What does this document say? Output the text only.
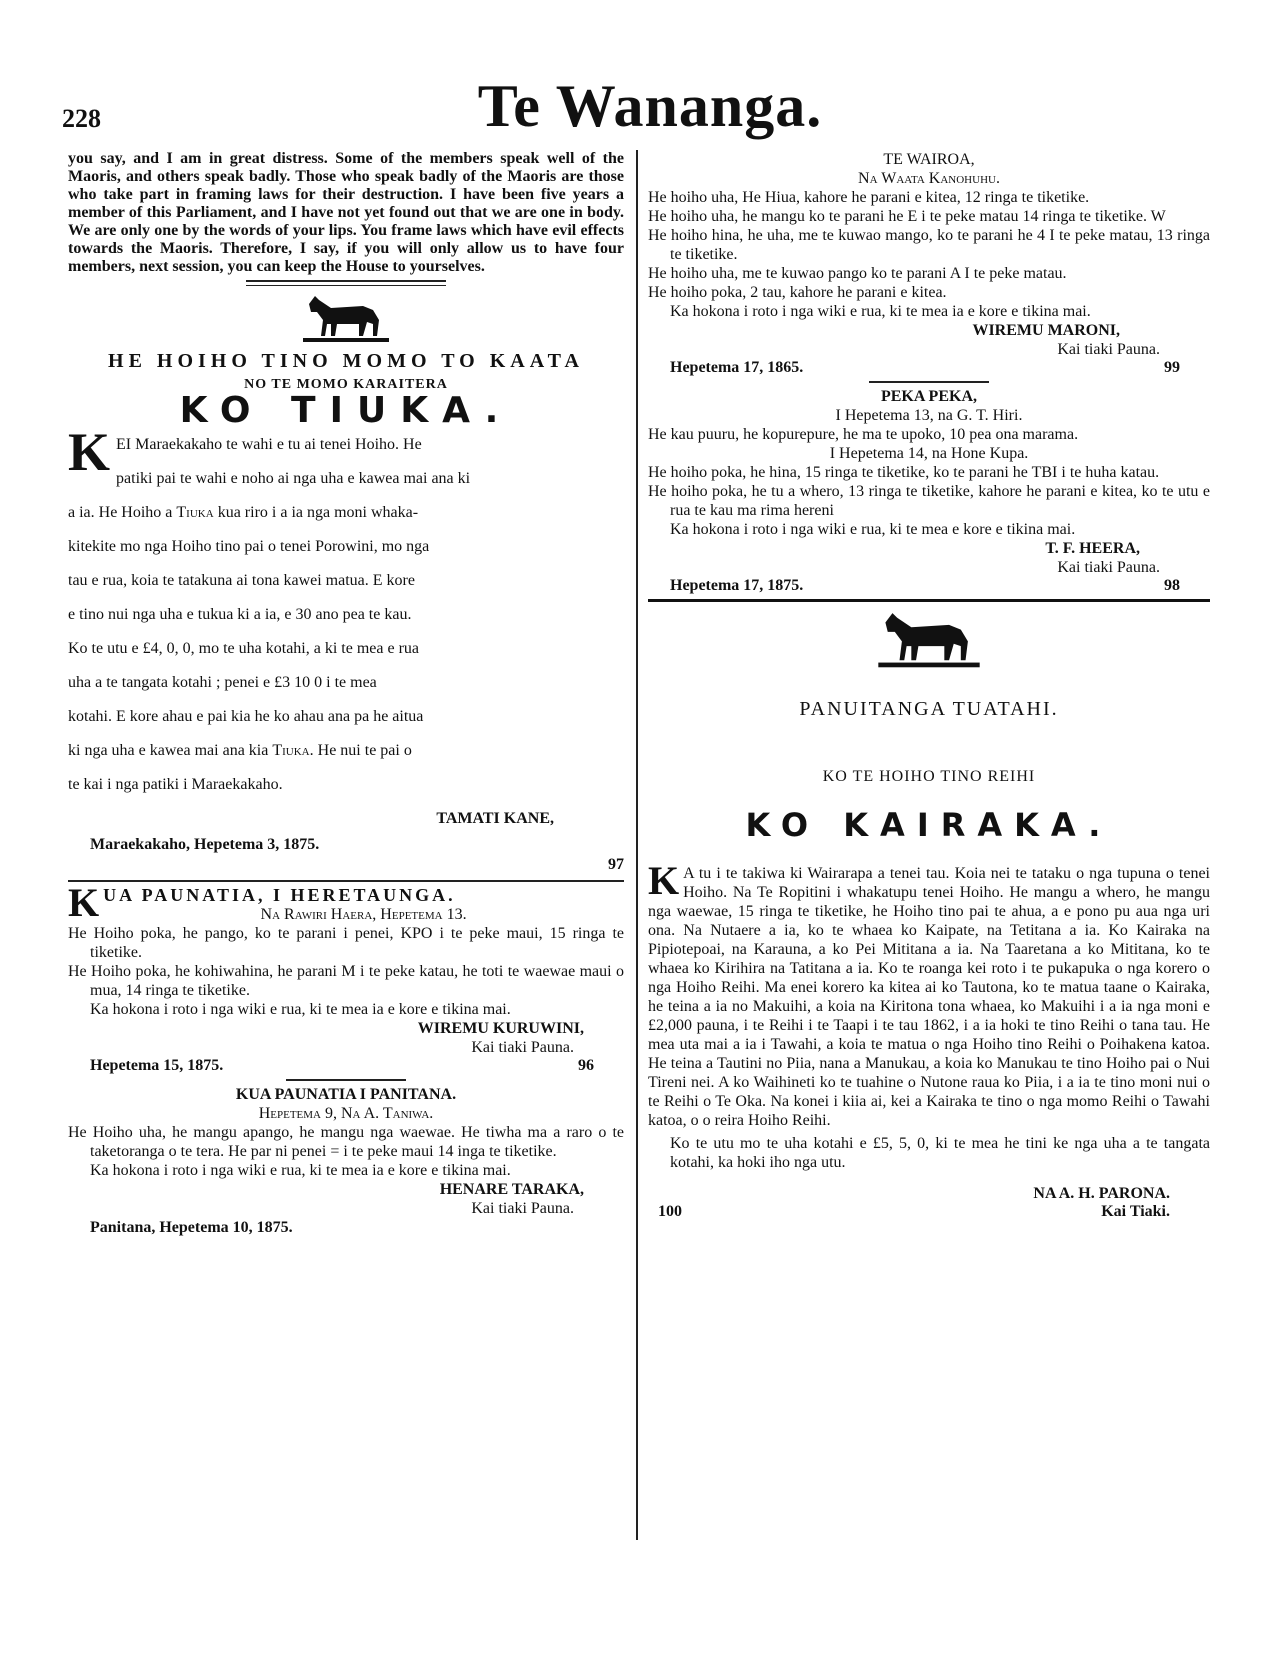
228	Te Wananga.

you say, and I am in great distress. Some of the members speak well of the Maoris, and others speak badly. Those who speak badly of the Maoris are those who take part in framing laws for their destruction. I have been five years a member of this Parliament, and I have not yet found out that we are one in body. We are only one by the words of your lips. You frame laws which have evil effects towards the Maoris. Therefore, I say, if you will only allow us to have four members, next session, you can keep the House to yourselves.

HE HOIHO TINO MOMO TO KAATA
NO TE MOMO KARAITERA
KO TIUKA.
K EI Maraekakaho te wahi e tu ai tenei Hoiho. He

patiki pai te wahi e noho ai nga uha e kawea mai ana ki

a ia. He Hoiho a Tiuka kua riro i a ia nga moni whaka-

kitekite mo nga Hoiho tino pai o tenei Porowini, mo nga

tau e rua, koia te tatakuna ai tona kawei matua. E kore

e tino nui nga uha e tukua ki a ia, e 30 ano pea te kau.

Ko te utu e £4, 0, 0, mo te uha kotahi, a ki te mea e rua

uha a te tangata kotahi ; penei e £3 10 0 i te mea

kotahi. E kore ahau e pai kia he ko ahau ana pa he aitua

ki nga uha e kawea mai ana kia Tiuka. He nui te pai o

te kai i nga patiki i Maraekakaho.

TAMATI KANE,

Maraekakaho, Hepetema 3, 1875.
97
K UA PAUNATIA, I HERETAUNGA.

Na Rawiri Haera, Hepetema 13.

He Hoiho poka, he pango, ko te parani i penei, KPO i te peke maui, 15 ringa te tiketike.

He Hoiho poka, he kohiwahina, he parani M i te peke katau, he toti te waewae maui o mua, 14 ringa te tiketike.

Ka hokona i roto i nga wiki e rua, ki te mea ia e kore e tikina mai.

WIREMU KURUWINI,

Kai tiaki Pauna.

Hepetema 15, 1875.	96

KUA PAUNATIA I PANITANA.

Hepetema 9, Na A. Taniwa.

He Hoiho uha, he mangu apango, he mangu nga waewae. He tiwha ma a raro o te taketoranga o te tera. He par ni penei = i te peke maui 14 inga te tiketike.

Ka hokona i roto i nga wiki e rua, ki te mea ia e kore e tikina mai.

HENARE TARAKA,

Kai tiaki Pauna.

Panitana, Hepetema 10, 1875.

TE WAIROA,

Na Waata Kanohuhu.

He hoiho uha, He Hiua, kahore he parani e kitea, 12 ringa te tiketike.

He hoiho uha, he mangu ko te parani he E i te peke matau 14 ringa te tiketike. W

He hoiho hina, he uha, me te kuwao mango, ko te parani he 4 I te peke matau, 13 ringa te tiketike.

He hoiho uha, me te kuwao pango ko te parani A I te peke matau.

He hoiho poka, 2 tau, kahore he parani e kitea.

Ka hokona i roto i nga wiki e rua, ki te mea ia e kore e tikina mai.

WIREMU MARONI,

Kai tiaki Pauna.

Hepetema 17, 1865.	99

PEKA PEKA,

I Hepetema 13, na G. T. Hiri.

He kau puuru, he kopurepure, he ma te upoko, 10 pea ona marama.

I Hepetema 14, na Hone Kupa.

He hoiho poka, he hina, 15 ringa te tiketike, ko te parani he TBI i te huha katau.

He hoiho poka, he tu a whero, 13 ringa te tiketike, kahore he parani e kitea, ko te utu e rua te kau ma rima hereni

Ka hokona i roto i nga wiki e rua, ki te mea e kore e tikina mai.

T. F. HEERA,

Kai tiaki Pauna.

Hepetema 17, 1875.	98
PANUITANGA TUATAHI.
KO TE HOIHO TINO REIHI
KO KAIRAKA.
K A tu i te takiwa ki Wairarapa a tenei tau. Koia nei te tataku o nga tupuna o tenei Hoiho. Na Te Ropitini i whakatupu tenei Hoiho. He mangu a whero, he mangu nga waewae, 15 ringa te tiketike, he Hoiho tino pai te ahua, a e pono pu aua nga uri ona. Na Nutaere a ia, ko te whaea ko Kaipate, na Tetitana a ia. Ko Kairaka na Pipiotepoai, na Karauna, a ko Pei Mititana a ia. Na Taaretana a ko Mititana, ko te whaea ko Kirihira na Tatitana a ia. Ko te roanga kei roto i te pukapuka o nga korero o nga Hoiho Reihi. Ma enei korero ka kitea ai ko Tautona, ko te matua taane o Kairaka, he teina a ia no Makuihi, a koia na Kiritona tona whaea, ko Makuihi i a ia nga moni e £2,000 pauna, i te Reihi i te Taapi i te tau 1862, i a ia hoki te tino Reihi o tana tau. He mea uta mai a ia i Tawahi, a koia te matua o nga Hoiho tino Reihi o Poihakena katoa. He teina a Tautini no Piia, nana a Manukau, a koia ko Manukau te tino Hoiho pai o Nui Tireni nei. A ko Waihineti ko te tuahine o Nutone raua ko Piia, i a ia te tino moni nui o te Reihi o Te Oka. Na konei i kiia ai, kei a Kairaka te tino o nga momo Reihi o Tawahi katoa, o o reira Hoiho Reihi.

Ko te utu mo te uha kotahi e £5, 5, 0, ki te mea he tini ke nga uha a te tangata kotahi, ka hoki iho nga utu.

NA A. H. PARONA.

100	Kai Tiaki.
